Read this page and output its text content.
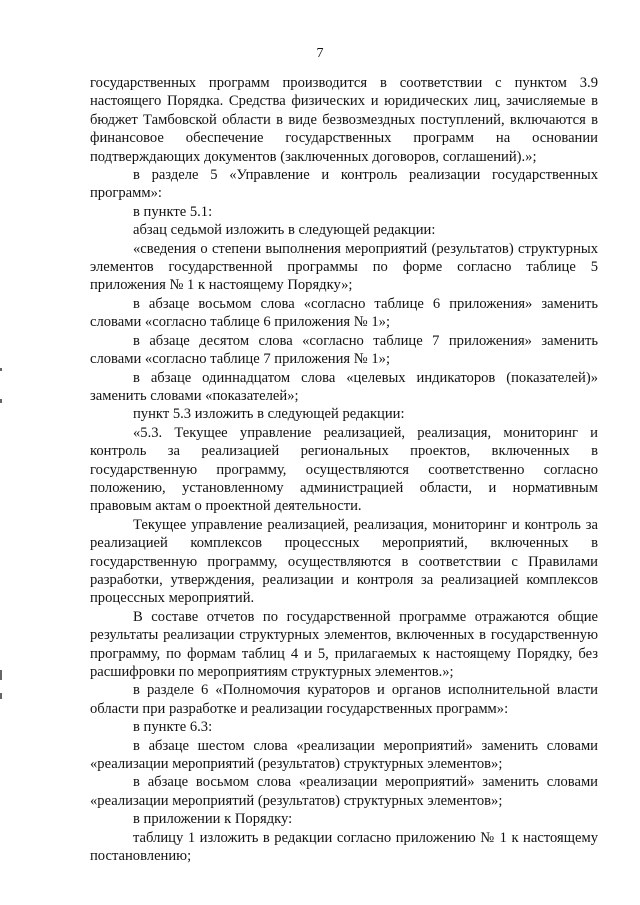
7

государственных программ производится в соответствии с пунктом 3.9 настоящего Порядка. Средства физических и юридических лиц, зачисляемые в бюджет Тамбовской области в виде безвозмездных поступлений, включаются в финансовое обеспечение государственных программ на основании подтверждающих документов (заключенных договоров, соглашений).»;

в разделе 5 «Управление и контроль реализации государственных программ»:

в пункте 5.1:

абзац седьмой изложить в следующей редакции:

«сведения о степени выполнения мероприятий (результатов) структурных элементов государственной программы по форме согласно таблице 5 приложения № 1 к настоящему Порядку»;

в абзаце восьмом слова «согласно таблице 6 приложения» заменить словами «согласно таблице 6 приложения № 1»;

в абзаце десятом слова «согласно таблице 7 приложения» заменить словами «согласно таблице 7 приложения № 1»;

в абзаце одиннадцатом слова «целевых индикаторов (показателей)» заменить словами «показателей»;

пункт 5.3 изложить в следующей редакции:

«5.3. Текущее управление реализацией, реализация, мониторинг и контроль за реализацией региональных проектов, включенных в государственную программу, осуществляются соответственно согласно положению, установленному администрацией области, и нормативным правовым актам о проектной деятельности.

Текущее управление реализацией, реализация, мониторинг и контроль за реализацией комплексов процессных мероприятий, включенных в государственную программу, осуществляются в соответствии с Правилами разработки, утверждения, реализации и контроля за реализацией комплексов процессных мероприятий.

В составе отчетов по государственной программе отражаются общие результаты реализации структурных элементов, включенных в государственную программу, по формам таблиц 4 и 5, прилагаемых к настоящему Порядку, без расшифровки по мероприятиям структурных элементов.»;

в разделе 6 «Полномочия кураторов и органов исполнительной власти области при разработке и реализации государственных программ»:

в пункте 6.3:

в абзаце шестом слова «реализации мероприятий» заменить словами «реализации мероприятий (результатов) структурных элементов»;

в абзаце восьмом слова «реализации мероприятий» заменить словами «реализации мероприятий (результатов) структурных элементов»;

в приложении к Порядку:

таблицу 1 изложить в редакции согласно приложению № 1 к настоящему постановлению;
